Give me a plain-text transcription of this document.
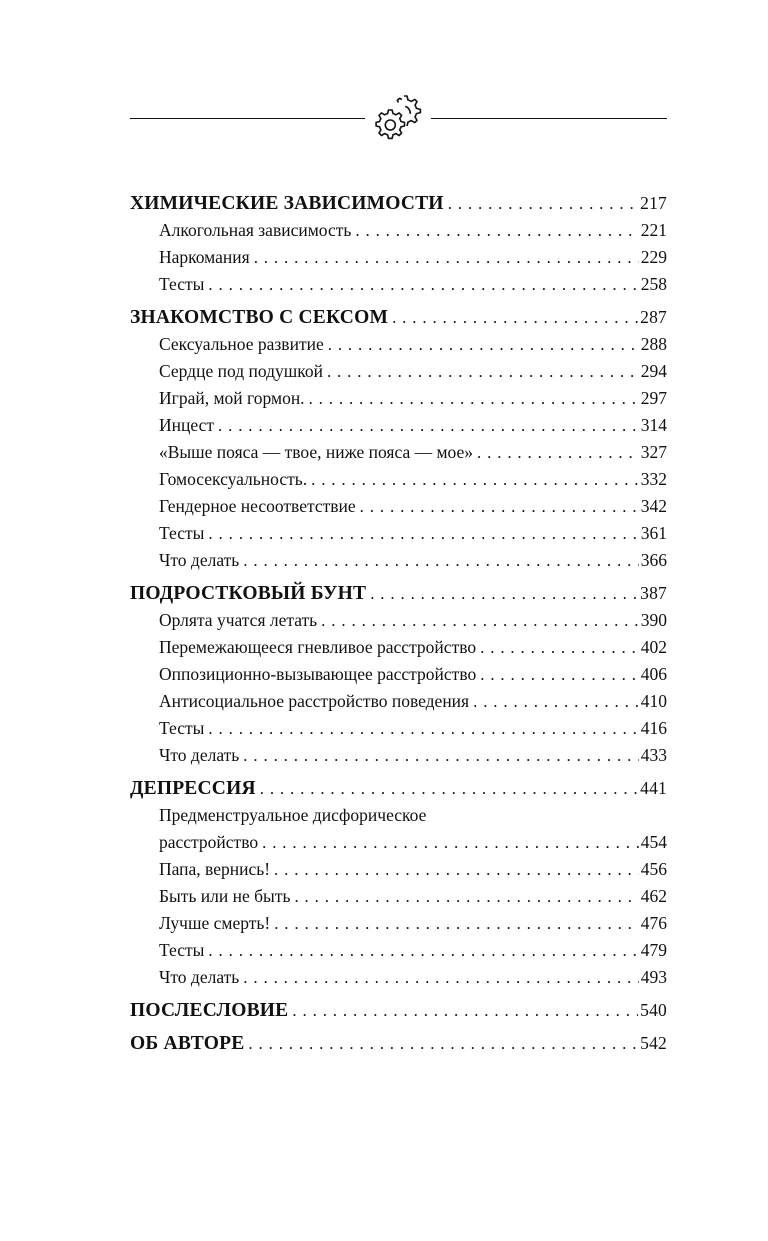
ХИМИЧЕСКИЕ ЗАВИСИМОСТИ . . .	217
Алкогольная зависимость . . .	221
Наркомания . . .	229
Тесты . . .	258
ЗНАКОМСТВО С СЕКСОМ . . .	287
Сексуальное развитие . . .	288
Сердце под подушкой . . .	294
Играй, мой гормон. . . .	297
Инцест . . .	314
«Выше пояса — твое, ниже пояса — мое» . . .	327
Гомосексуальность. . . .	332
Гендерное несоответствие . . .	342
Тесты . . .	361
Что делать . . .	366
ПОДРОСТКОВЫЙ БУНТ . . .	387
Орлята учатся летать . . .	390
Перемежающееся гневливое расстройство . . .	402
Оппозиционно-вызывающее расстройство . . .	406
Антисоциальное расстройство поведения . . .	410
Тесты . . .	416
Что делать . . .	433
ДЕПРЕССИЯ . . .	441
Предменструальное дисфорическое
расстройство . . .	454
Папа, вернись! . . .	456
Быть или не быть . . .	462
Лучше смерть! . . .	476
Тесты . . .	479
Что делать . . .	493
ПОСЛЕСЛОВИЕ . . .	540
ОБ АВТОРЕ . . .	542
